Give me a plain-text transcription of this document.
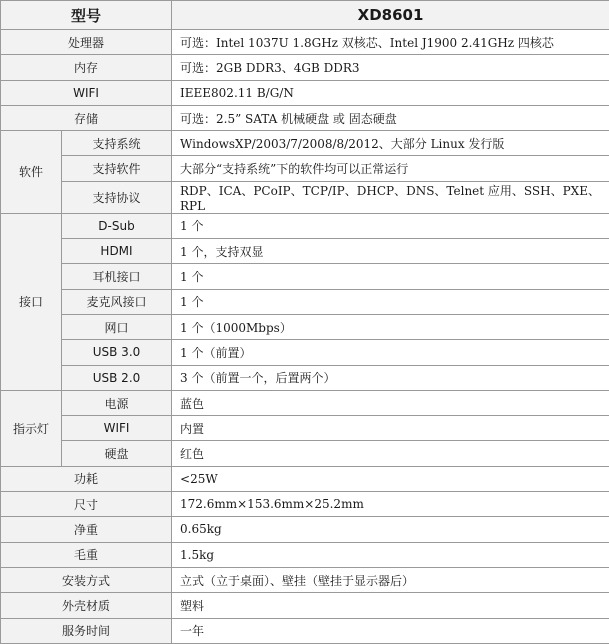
型号		XD8601
处理器		可选：Intel 1037U 1.8GHz 双核芯、Intel J1900 2.41GHz 四核芯
内存		可选：2GB DDR3、4GB DDR3
WIFI		IEEE802.11 B/G/N
存储		可选：2.5” SATA 机械硬盘 或 固态硬盘
软件	支持系统	WindowsXP/2003/7/2008/8/2012、大部分 Linux 发行版
	支持软件	大部分“支持系统”下的软件均可以正常运行
	支持协议	RDP、ICA、PCoIP、TCP/IP、DHCP、DNS、Telnet 应用、SSH、PXE、RPL
接口	D-Sub	1 个
	HDMI	1 个，支持双显
	耳机接口	1 个
	麦克风接口	1 个
	网口	1 个（1000Mbps）
	USB 3.0	1 个（前置）
	USB 2.0	3 个（前置一个，后置两个）
指示灯	电源	蓝色
	WIFI	内置
	硬盘	红色
功耗		<25W
尺寸		172.6mm×153.6mm×25.2mm
净重		0.65kg
毛重		1.5kg
安装方式		立式（立于桌面）、壁挂（壁挂于显示器后）
外壳材质		塑料
服务时间		一年
